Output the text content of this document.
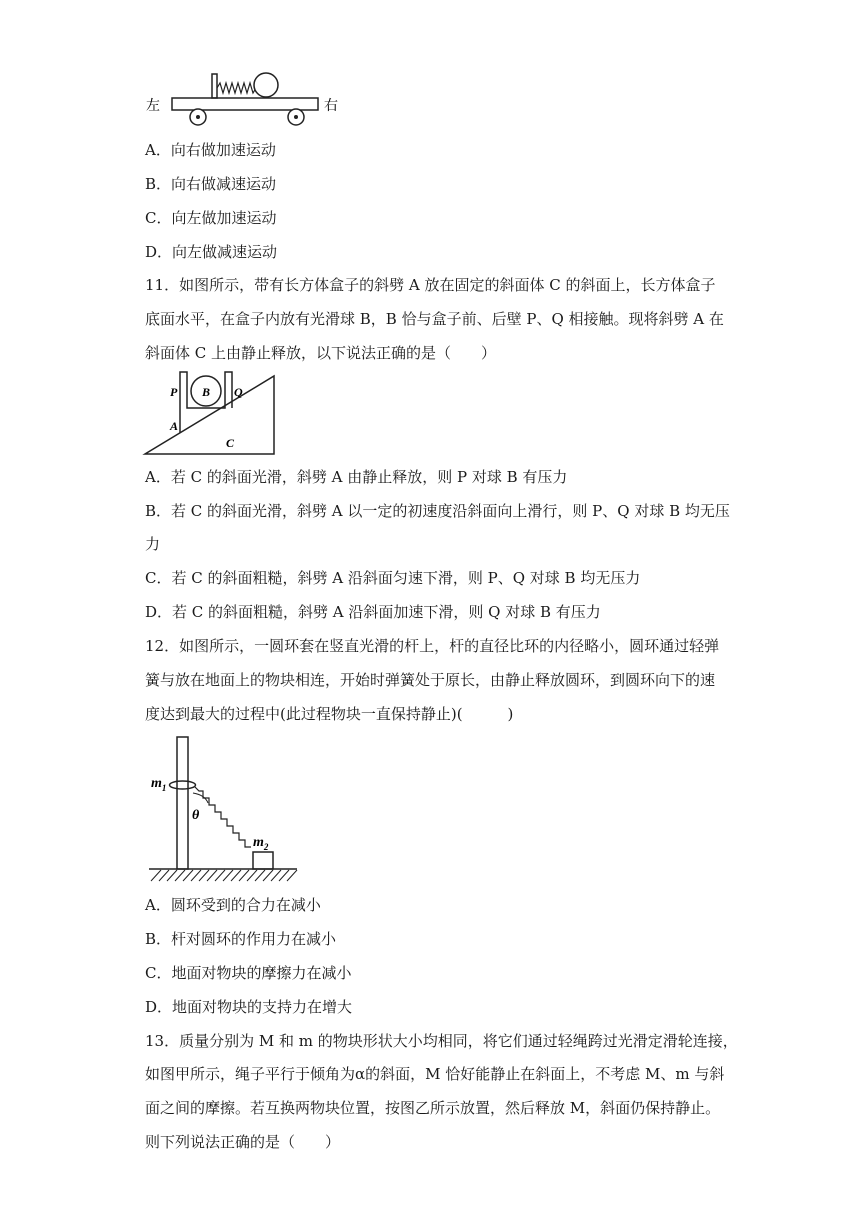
左	右
A．向右做加速运动
B．向右做减速运动
C．向左做加速运动
D．向左做减速运动
11．如图所示，带有长方体盒子的斜劈 A 放在固定的斜面体 C 的斜面上，长方体盒子
底面水平，在盒子内放有光滑球 B，B 恰与盒子前、后壁 P、Q 相接触。现将斜劈 A 在
斜面体 C 上由静止释放，以下说法正确的是（　　）
P B Q
A
C
A．若 C 的斜面光滑，斜劈 A 由静止释放，则 P 对球 B 有压力
B．若 C 的斜面光滑，斜劈 A 以一定的初速度沿斜面向上滑行，则 P、Q 对球 B 均无压
力
C．若 C 的斜面粗糙，斜劈 A 沿斜面匀速下滑，则 P、Q 对球 B 均无压力
D．若 C 的斜面粗糙，斜劈 A 沿斜面加速下滑，则 Q 对球 B 有压力
12．如图所示，一圆环套在竖直光滑的杆上，杆的直径比环的内径略小，圆环通过轻弹
簧与放在地面上的物块相连，开始时弹簧处于原长，由静止释放圆环，到圆环向下的速
度达到最大的过程中(此过程物块一直保持静止)(　　　)
$m_1$
θ
$m_2$
A．圆环受到的合力在减小
B．杆对圆环的作用力在减小
C．地面对物块的摩擦力在减小
D．地面对物块的支持力在增大
13．质量分别为 M 和 m 的物块形状大小均相同，将它们通过轻绳跨过光滑定滑轮连接，
如图甲所示，绳子平行于倾角为α的斜面，M 恰好能静止在斜面上，不考虑 M、m 与斜
面之间的摩擦。若互换两物块位置，按图乙所示放置，然后释放 M，斜面仍保持静止。
则下列说法正确的是（　　）
